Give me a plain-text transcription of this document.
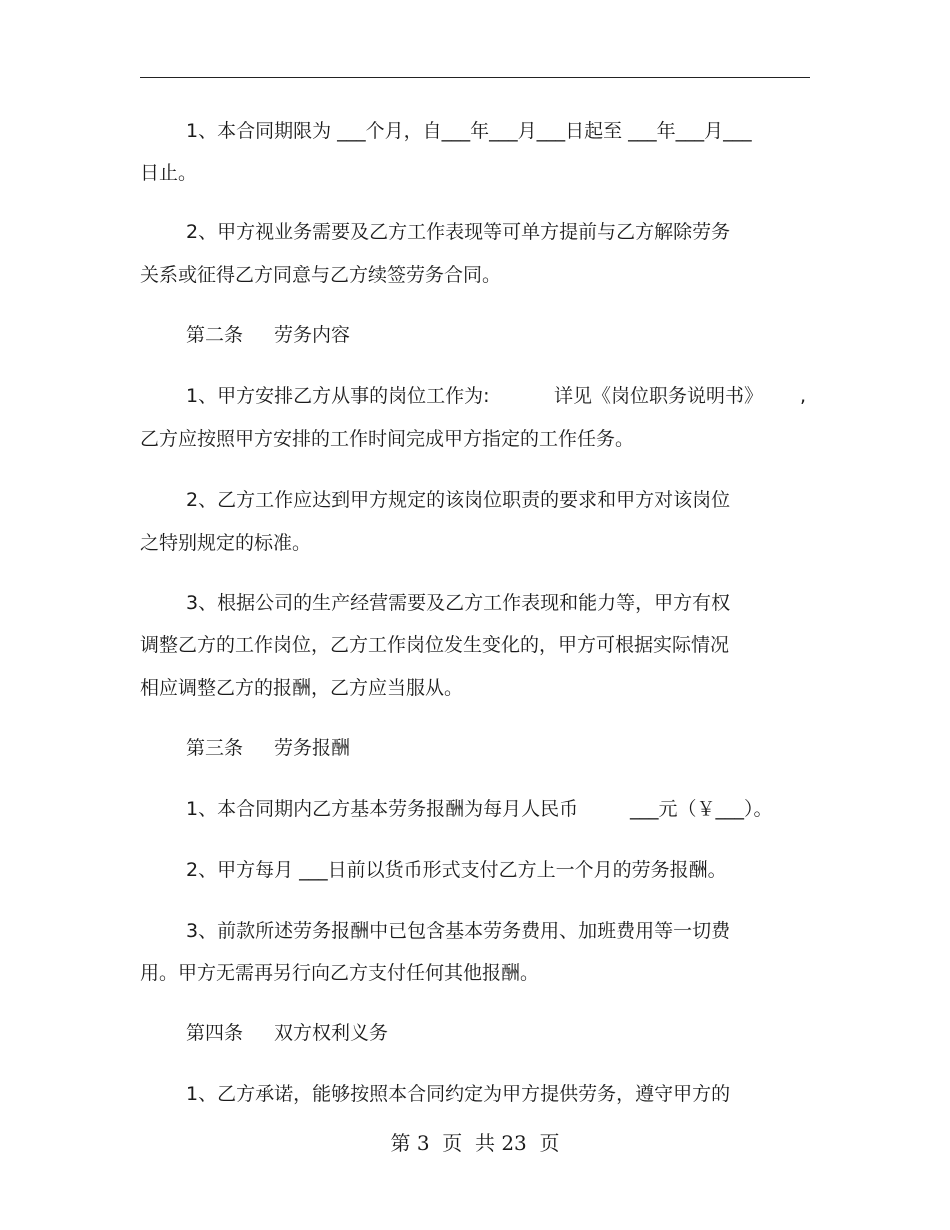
1、本合同期限为 ___个月，自___年___月___日起至 ___年___月___
日止。
2、甲方视业务需要及乙方工作表现等可单方提前与乙方解除劳务
关系或征得乙方同意与乙方续签劳务合同。
第二条 劳务内容
1、甲方安排乙方从事的岗位工作为:	详见《岗位职务说明书》 ,
乙方应按照甲方安排的工作时间完成甲方指定的工作任务。
2、乙方工作应达到甲方规定的该岗位职责的要求和甲方对该岗位
之特别规定的标准。
3、根据公司的生产经营需要及乙方工作表现和能力等，甲方有权
调整乙方的工作岗位，乙方工作岗位发生变化的，甲方可根据实际情况
相应调整乙方的报酬，乙方应当服从。
第三条 劳务报酬
1、本合同期内乙方基本劳务报酬为每月人民币	___元（￥___）。
2、甲方每月 ___日前以货币形式支付乙方上一个月的劳务报酬。
3、前款所述劳务报酬中已包含基本劳务费用、加班费用等一切费
用。甲方无需再另行向乙方支付任何其他报酬。
第四条 双方权利义务
1、乙方承诺，能够按照本合同约定为甲方提供劳务，遵守甲方的
第 3  页  共 23  页
